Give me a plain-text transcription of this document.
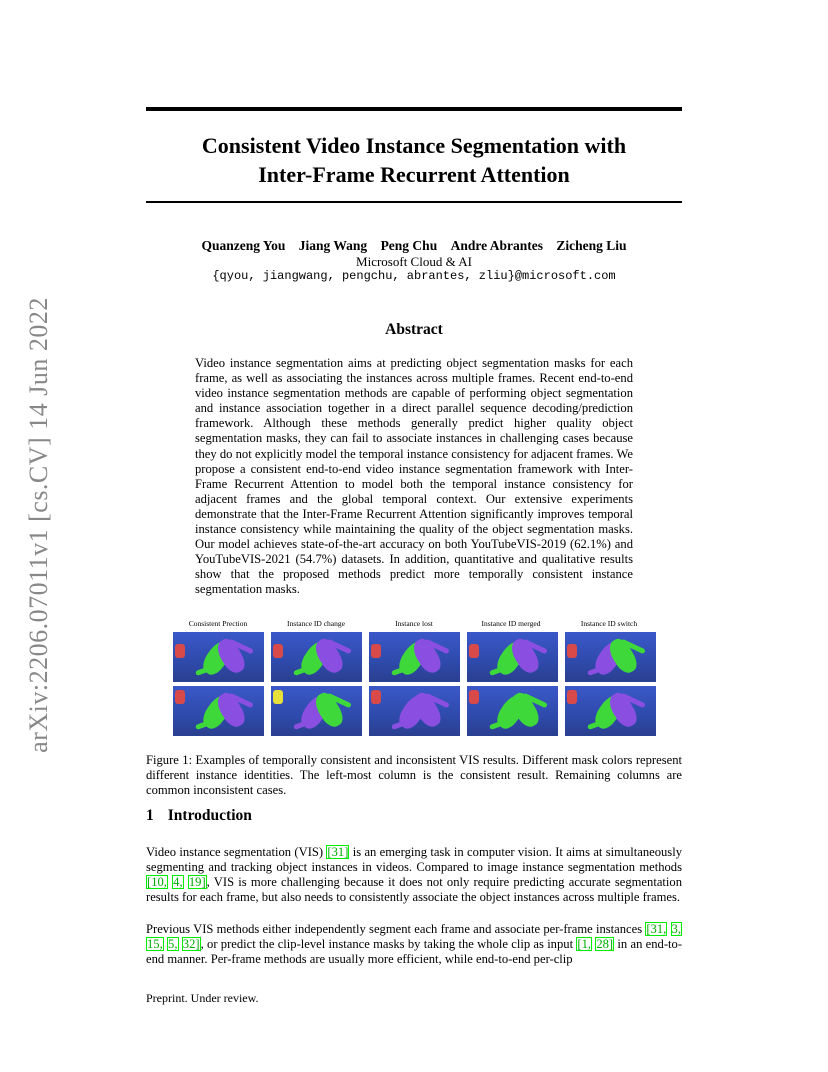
Consistent Video Instance Segmentation with
Inter-Frame Recurrent Attention
Quanzeng You Jiang Wang Peng Chu Andre Abrantes Zicheng Liu
Microsoft Cloud & AI
{qyou, jiangwang, pengchu, abrantes, zliu}@microsoft.com
arXiv:2206.07011v1 [cs.CV] 14 Jun 2022	Abstract
Video instance segmentation aims at predicting object segmentation masks for each frame, as well as associating the instances across multiple frames. Recent end-to-end video instance segmentation methods are capable of performing object segmentation and instance association together in a direct parallel sequence decoding/prediction framework. Although these methods generally predict higher quality object segmentation masks, they can fail to associate instances in challenging cases because they do not explicitly model the temporal instance consistency for adjacent frames. We propose a consistent end-to-end video instance segmentation framework with Inter-Frame Recurrent Attention to model both the temporal instance consistency for adjacent frames and the global temporal context. Our extensive experiments demonstrate that the Inter-Frame Recurrent Attention significantly improves temporal instance consistency while maintaining the quality of the object segmentation masks. Our model achieves state-of-the-art accuracy on both YouTubeVIS-2019 (62.1%) and YouTubeVIS-2021 (54.7%) datasets. In addition, quantitative and qualitative results show that the proposed methods predict more temporally consistent instance segmentation masks.
Consistent Prection	Instance ID change	Instance lost	Instance ID merged	Instance ID switch
Figure 1: Examples of temporally consistent and inconsistent VIS results. Different mask colors represent different instance identities. The left-most column is the consistent result. Remaining columns are common inconsistent cases.
1 Introduction
Video instance segmentation (VIS) [31] is an emerging task in computer vision. It aims at simultaneously segmenting and tracking object instances in videos. Compared to image instance segmentation methods [10, 4, 19], VIS is more challenging because it does not only require predicting accurate segmentation results for each frame, but also needs to consistently associate the object instances across multiple frames.
Previous VIS methods either independently segment each frame and associate per-frame instances [31, 3, 15, 5, 32], or predict the clip-level instance masks by taking the whole clip as input [1, 28] in an end-to-end manner. Per-frame methods are usually more efficient, while end-to-end per-clip
Preprint. Under review.
